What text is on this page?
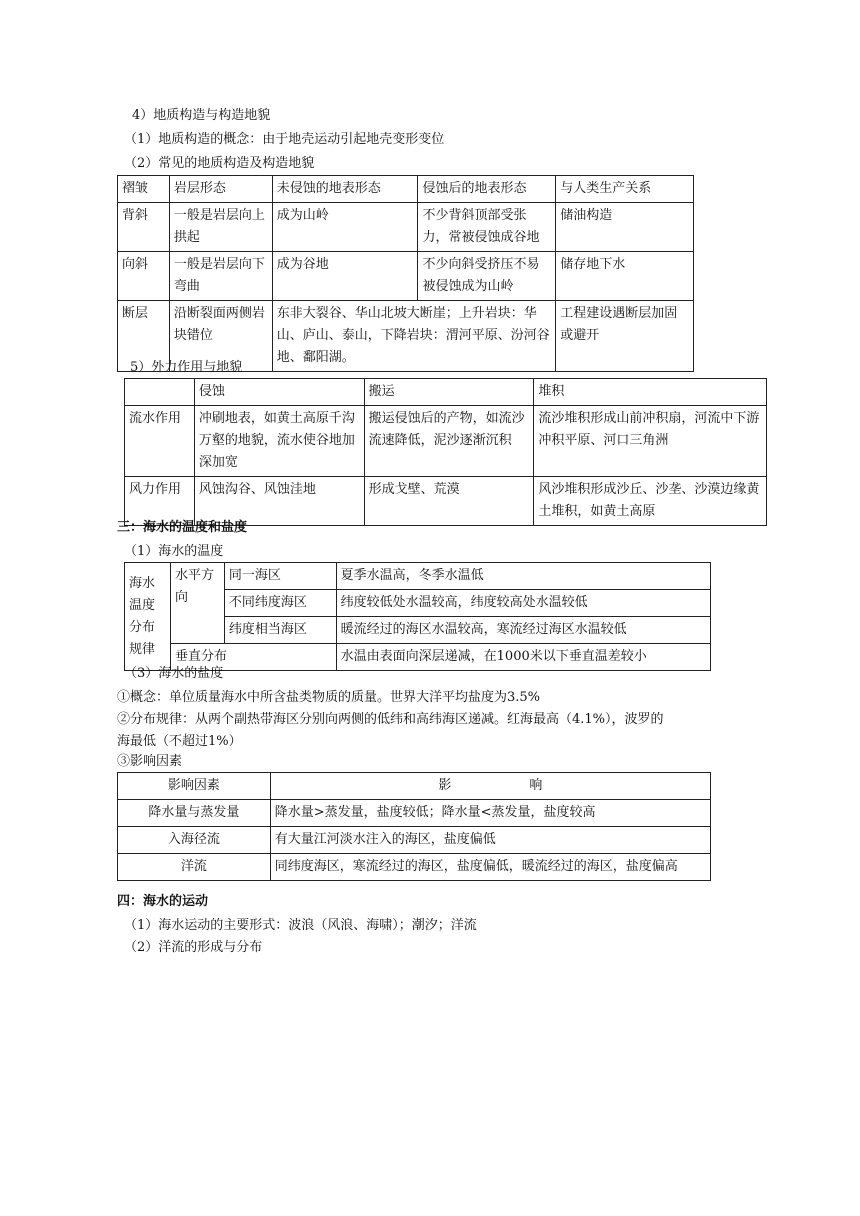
4）地质构造与构造地貌
（1）地质构造的概念：由于地壳运动引起地壳变形变位
（2）常见的地质构造及构造地貌
褶皱	岩层形态	未侵蚀的地表形态	侵蚀后的地表形态	与人类生产关系
背斜	一般是岩层向上拱起	成为山岭	不少背斜顶部受张力，常被侵蚀成谷地	储油构造
向斜	一般是岩层向下弯曲	成为谷地	不少向斜受挤压不易被侵蚀成为山岭	储存地下水
断层	沿断裂面两侧岩块错位	东非大裂谷、华山北坡大断崖；上升岩块：华山、庐山、泰山，下降岩块：渭河平原、汾河谷地、鄱阳湖。		工程建设遇断层加固或避开
5）外力作用与地貌
	侵蚀	搬运	堆积
流水作用	冲刷地表，如黄土高原千沟万壑的地貌，流水使谷地加深加宽	搬运侵蚀后的产物，如流沙流速降低，泥沙逐渐沉积	流沙堆积形成山前冲积扇，河流中下游冲积平原、河口三角洲
风力作用	风蚀沟谷、风蚀洼地	形成戈壁、荒漠	风沙堆积形成沙丘、沙垄、沙漠边缘黄土堆积，如黄土高原
三：海水的温度和盐度
（1）海水的温度
海水温度分布规律	水平方向	同一海区	夏季水温高，冬季水温低
		不同纬度海区	纬度较低处水温较高，纬度较高处水温较低
		纬度相当海区	暖流经过的海区水温较高，寒流经过海区水温较低
	垂直分布		水温由表面向深层递减，在1000米以下垂直温差较小
（3）海水的盐度
①概念：单位质量海水中所含盐类物质的质量。世界大洋平均盐度为3.5%
②分布规律：从两个副热带海区分别向两侧的低纬和高纬海区递减。红海最高（4.1%），波罗的
海最低（不超过1%）
③影响因素
影响因素	影　　　　　　响
降水量与蒸发量	降水量>蒸发量，盐度较低；降水量<蒸发量，盐度较高
入海径流	有大量江河淡水注入的海区，盐度偏低
洋流	同纬度海区，寒流经过的海区，盐度偏低，暖流经过的海区，盐度偏高
四：海水的运动
（1）海水运动的主要形式：波浪（风浪、海啸）；潮汐；洋流
（2）洋流的形成与分布
